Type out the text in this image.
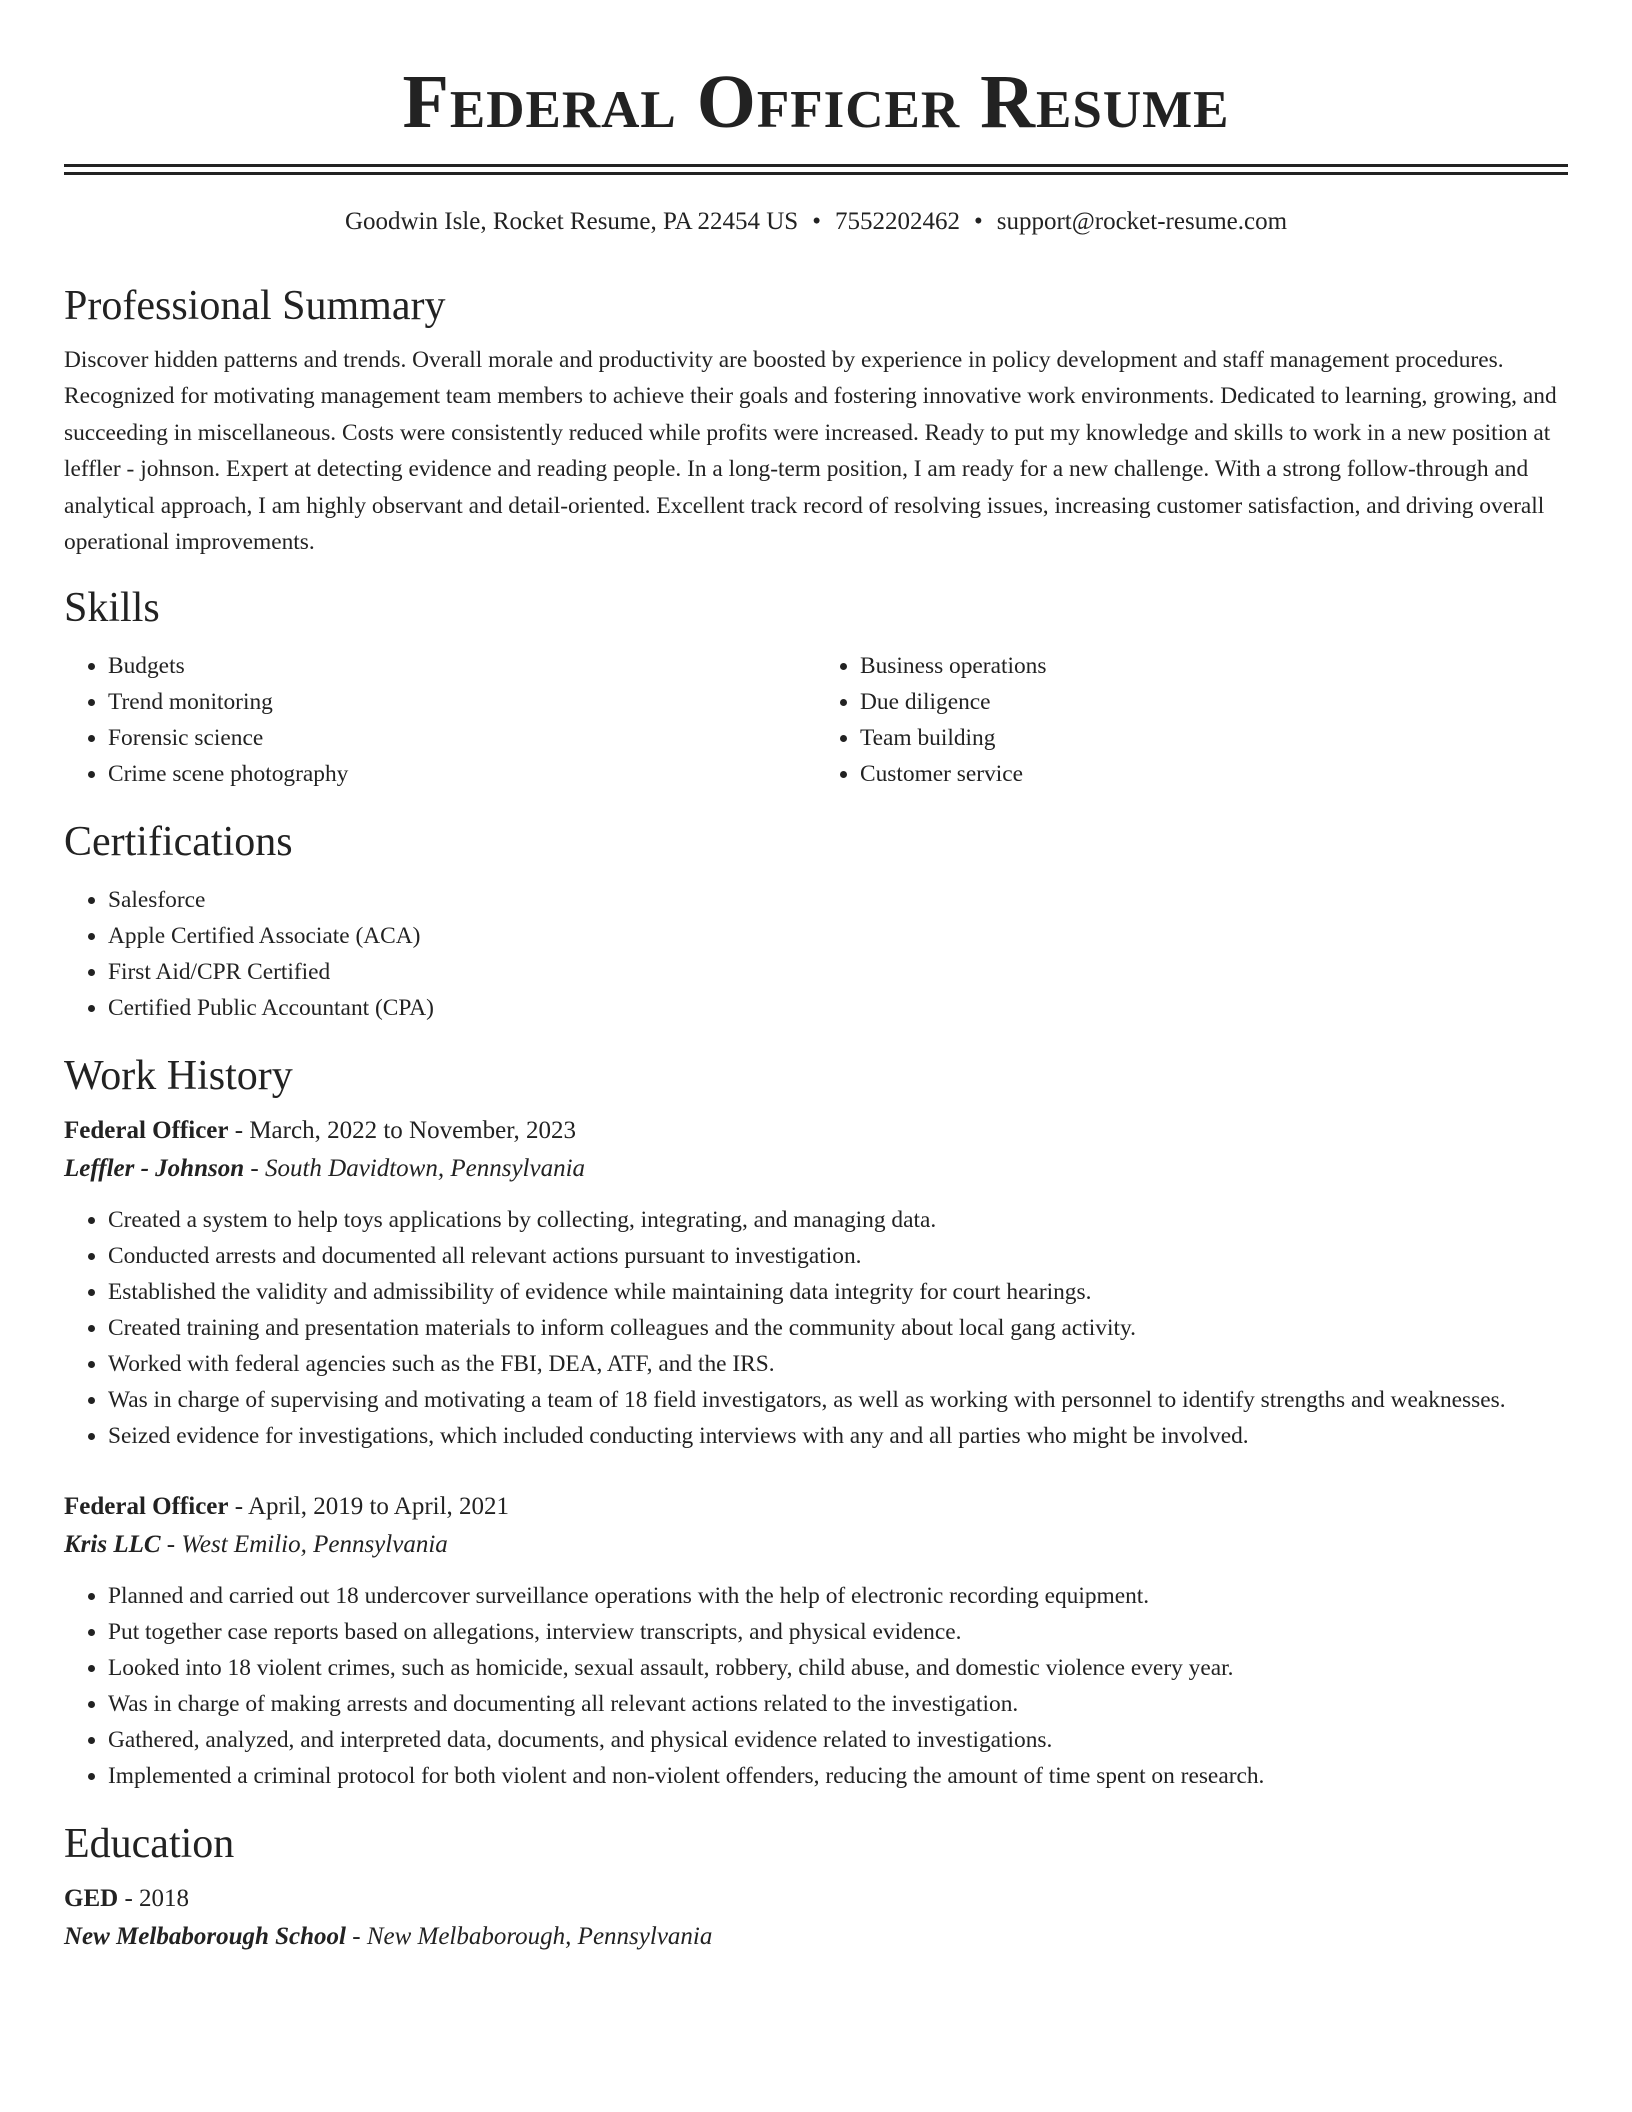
Federal Officer Resume
Goodwin Isle, Rocket Resume, PA 22454 US • 7552202462 • support@rocket-resume.com
Professional Summary
Discover hidden patterns and trends. Overall morale and productivity are boosted by experience in policy development and staff management procedures. Recognized for motivating management team members to achieve their goals and fostering innovative work environments. Dedicated to learning, growing, and succeeding in miscellaneous. Costs were consistently reduced while profits were increased. Ready to put my knowledge and skills to work in a new position at leffler - johnson. Expert at detecting evidence and reading people. In a long-term position, I am ready for a new challenge. With a strong follow-through and analytical approach, I am highly observant and detail-oriented. Excellent track record of resolving issues, increasing customer satisfaction, and driving overall operational improvements.
Skills
• Budgets
• Trend monitoring
• Forensic science
• Crime scene photography
• Business operations
• Due diligence
• Team building
• Customer service
Certifications
• Salesforce
• Apple Certified Associate (ACA)
• First Aid/CPR Certified
• Certified Public Accountant (CPA)
Work History
Federal Officer - March, 2022 to November, 2023
Leffler - Johnson - South Davidtown, Pennsylvania
• Created a system to help toys applications by collecting, integrating, and managing data.
• Conducted arrests and documented all relevant actions pursuant to investigation.
• Established the validity and admissibility of evidence while maintaining data integrity for court hearings.
• Created training and presentation materials to inform colleagues and the community about local gang activity.
• Worked with federal agencies such as the FBI, DEA, ATF, and the IRS.
• Was in charge of supervising and motivating a team of 18 field investigators, as well as working with personnel to identify strengths and weaknesses.
• Seized evidence for investigations, which included conducting interviews with any and all parties who might be involved.
Federal Officer - April, 2019 to April, 2021
Kris LLC - West Emilio, Pennsylvania
• Planned and carried out 18 undercover surveillance operations with the help of electronic recording equipment.
• Put together case reports based on allegations, interview transcripts, and physical evidence.
• Looked into 18 violent crimes, such as homicide, sexual assault, robbery, child abuse, and domestic violence every year.
• Was in charge of making arrests and documenting all relevant actions related to the investigation.
• Gathered, analyzed, and interpreted data, documents, and physical evidence related to investigations.
• Implemented a criminal protocol for both violent and non-violent offenders, reducing the amount of time spent on research.
Education
GED - 2018
New Melbaborough School - New Melbaborough, Pennsylvania
